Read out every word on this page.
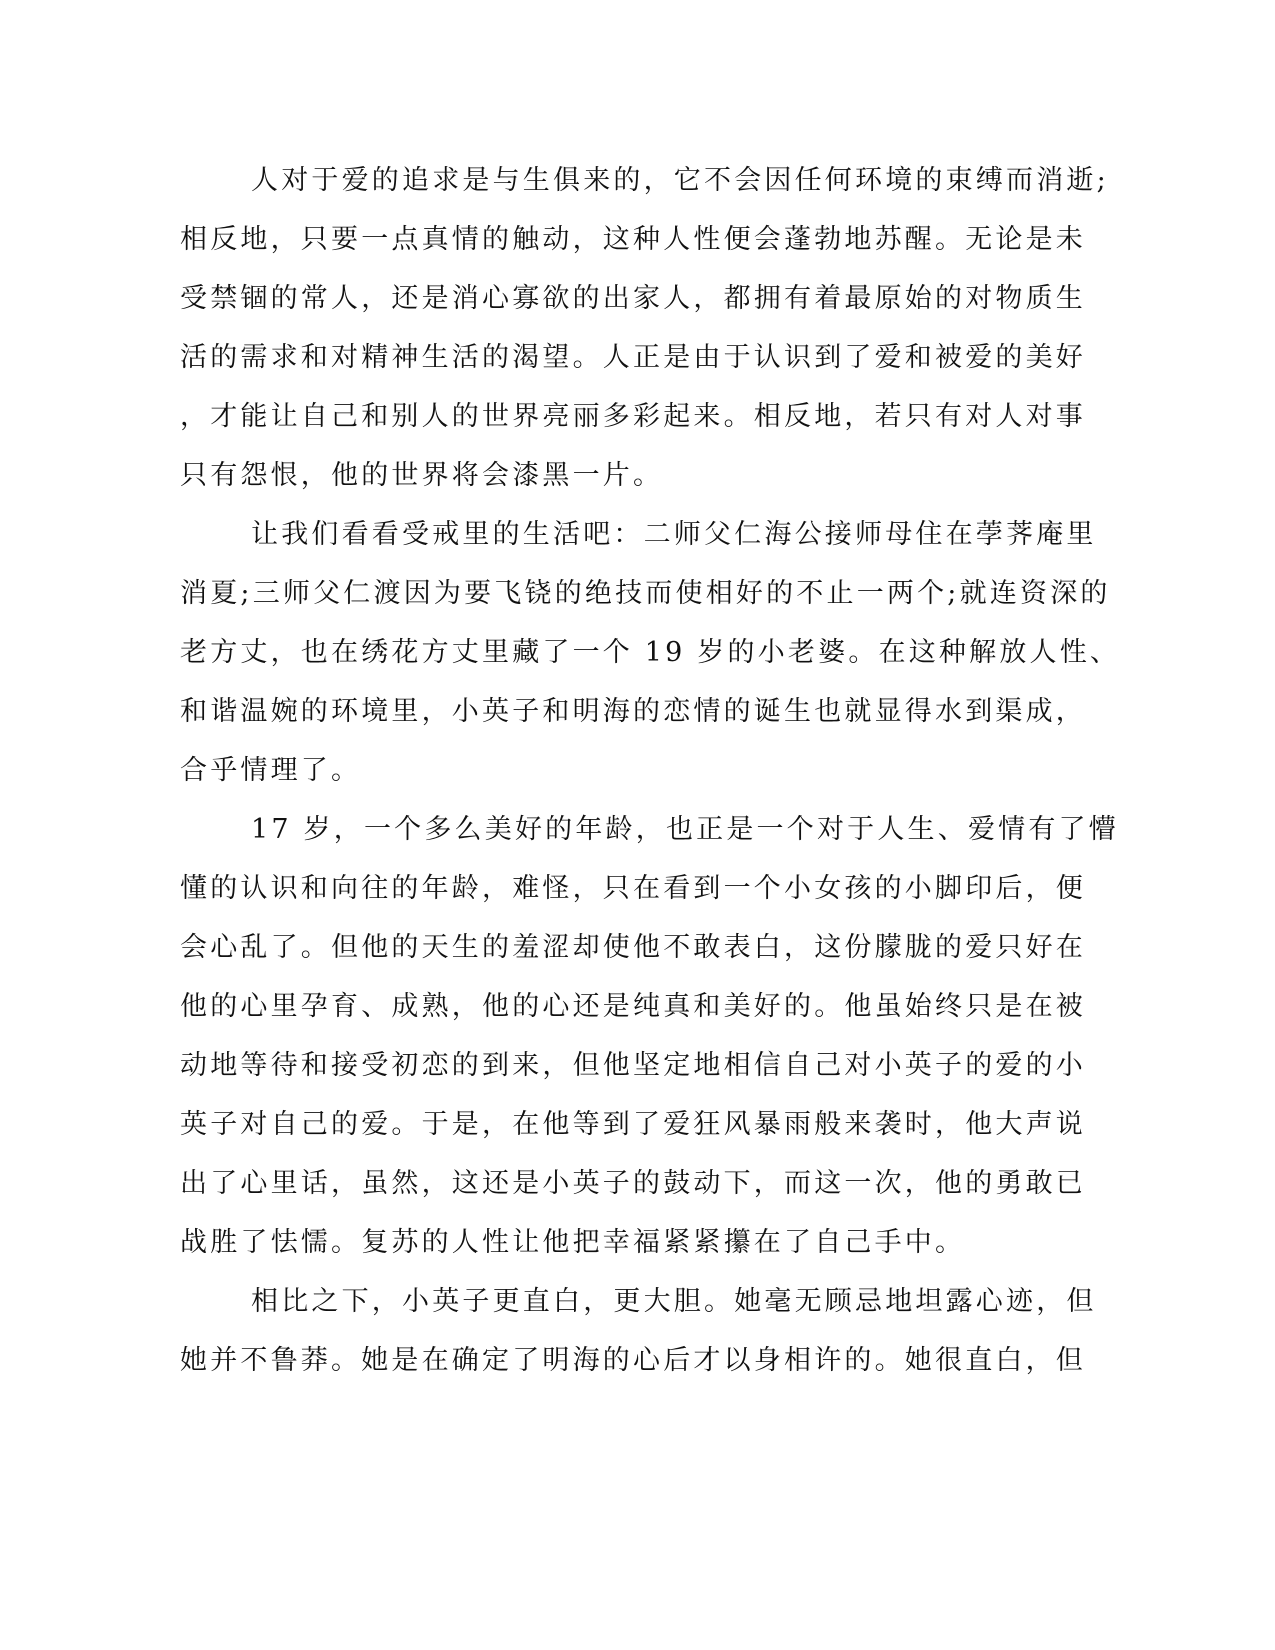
人对于爱的追求是与生俱来的，它不会因任何环境的束缚而消逝;
相反地，只要一点真情的触动，这种人性便会蓬勃地苏醒。无论是未
受禁锢的常人，还是消心寡欲的出家人，都拥有着最原始的对物质生
活的需求和对精神生活的渴望。人正是由于认识到了爱和被爱的美好
，才能让自己和别人的世界亮丽多彩起来。相反地，若只有对人对事
只有怨恨，他的世界将会漆黑一片。
让我们看看受戒里的生活吧：二师父仁海公接师母住在荸荠庵里
消夏;三师父仁渡因为要飞铙的绝技而使相好的不止一两个;就连资深的
老方丈，也在绣花方丈里藏了一个 19 岁的小老婆。在这种解放人性、
和谐温婉的环境里，小英子和明海的恋情的诞生也就显得水到渠成，
合乎情理了。
17 岁，一个多么美好的年龄，也正是一个对于人生、爱情有了懵
懂的认识和向往的年龄，难怪，只在看到一个小女孩的小脚印后，便
会心乱了。但他的天生的羞涩却使他不敢表白，这份朦胧的爱只好在
他的心里孕育、成熟，他的心还是纯真和美好的。他虽始终只是在被
动地等待和接受初恋的到来，但他坚定地相信自己对小英子的爱的小
英子对自己的爱。于是，在他等到了爱狂风暴雨般来袭时，他大声说
出了心里话，虽然，这还是小英子的鼓动下，而这一次，他的勇敢已
战胜了怯懦。复苏的人性让他把幸福紧紧攥在了自己手中。
相比之下，小英子更直白，更大胆。她毫无顾忌地坦露心迹，但
她并不鲁莽。她是在确定了明海的心后才以身相许的。她很直白，但
